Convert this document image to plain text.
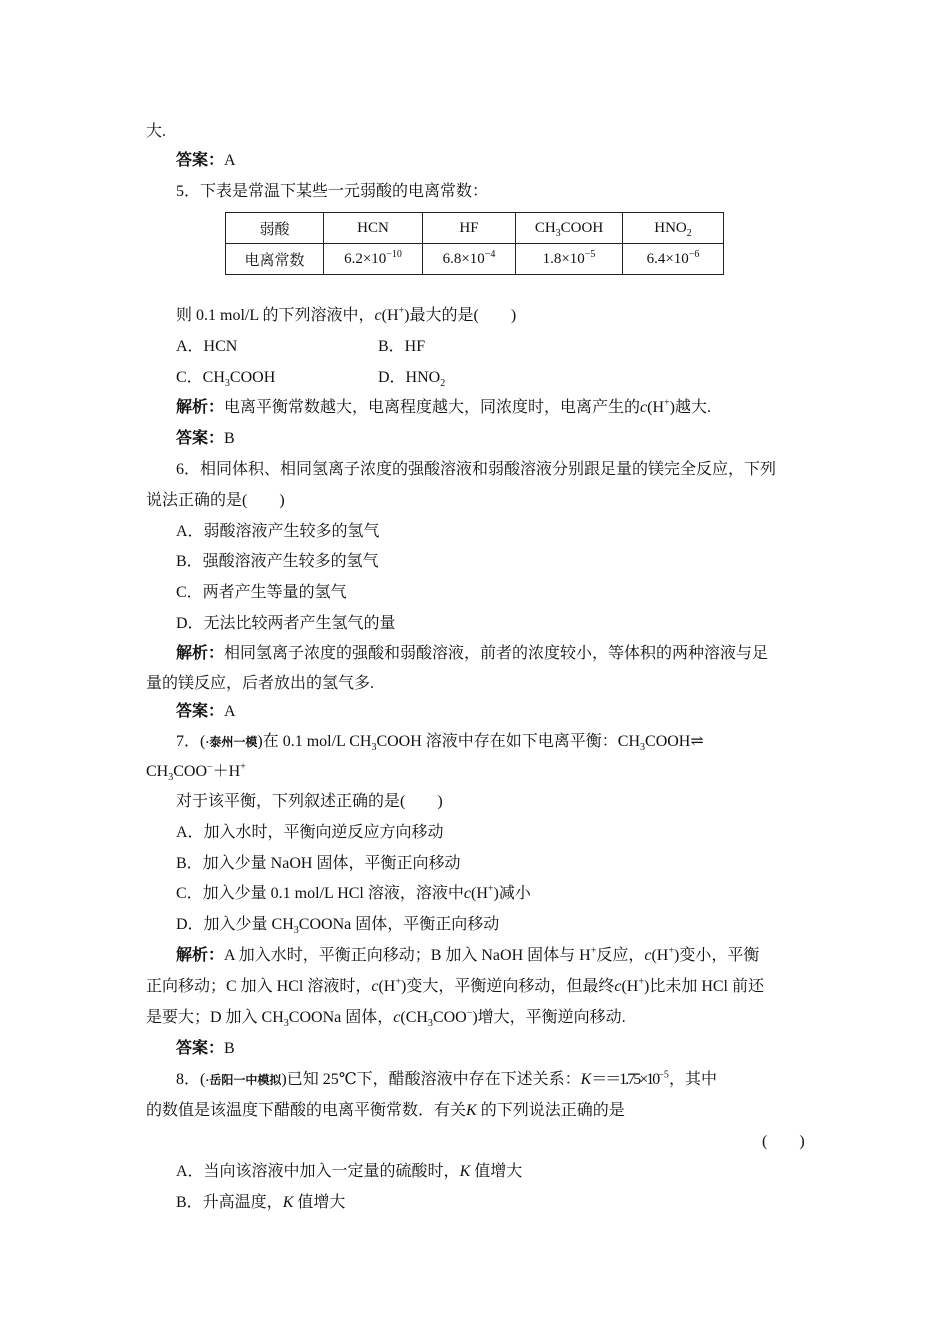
大.
答案：A
5．下表是常温下某些一元弱酸的电离常数：
弱酸	HCN	HF	$CH_3COOH$	$HNO_2$
电离常数	$6.2\times 10^{-10}$	$6.8\times 10^{-4}$	$1.8\times 10^{-5}$	$6.4\times 10^{-6}$
则 0.1 mol/L 的下列溶液中，c(H+)最大的是(　　)
A．HCN	B．HF
C．$CH_3COOH$	D．$HNO_2$
解析：电离平衡常数越大，电离程度越大，同浓度时，电离产生的c(H+)越大.
答案：B
6．相同体积、相同氢离子浓度的强酸溶液和弱酸溶液分别跟足量的镁完全反应，下列
说法正确的是(　　)
A．弱酸溶液产生较多的氢气
B．强酸溶液产生较多的氢气
C．两者产生等量的氢气
D．无法比较两者产生氢气的量
解析：相同氢离子浓度的强酸和弱酸溶液，前者的浓度较小，等体积的两种溶液与足
量的镁反应，后者放出的氢气多.
答案：A
7．(·泰州一模)在 0.1 mol/L $CH_3COOH$ 溶液中存在如下电离平衡：$CH_3COOH\rightleftharpoons$
$CH_3COO^-+H^+$
对于该平衡，下列叙述正确的是(　　)
A．加入水时，平衡向逆反应方向移动
B．加入少量 NaOH 固体，平衡正向移动
C．加入少量 0.1 mol/L HCl 溶液，溶液中c(H+)减小
D．加入少量 $CH_3COONa$ 固体，平衡正向移动
解析：A 加入水时，平衡正向移动；B 加入 NaOH 固体与 H+反应，c(H+)变小，平衡
正向移动；C 加入 HCl 溶液时，c(H+)变大，平衡逆向移动，但最终c(H+)比未加 HCl 前还
是要大；D 加入 $CH_3COONa$ 固体，$c(CH_3COO^-)$增大，平衡逆向移动.
答案：B
8．(·岳阳一中模拟)已知 25℃下，醋酸溶液中存在下述关系：$K==1.75\times 10^{-5}$，其中
的数值是该温度下醋酸的电离平衡常数．有关K 的下列说法正确的是
(　　)
A．当向该溶液中加入一定量的硫酸时，K 值增大
B．升高温度，K 值增大
